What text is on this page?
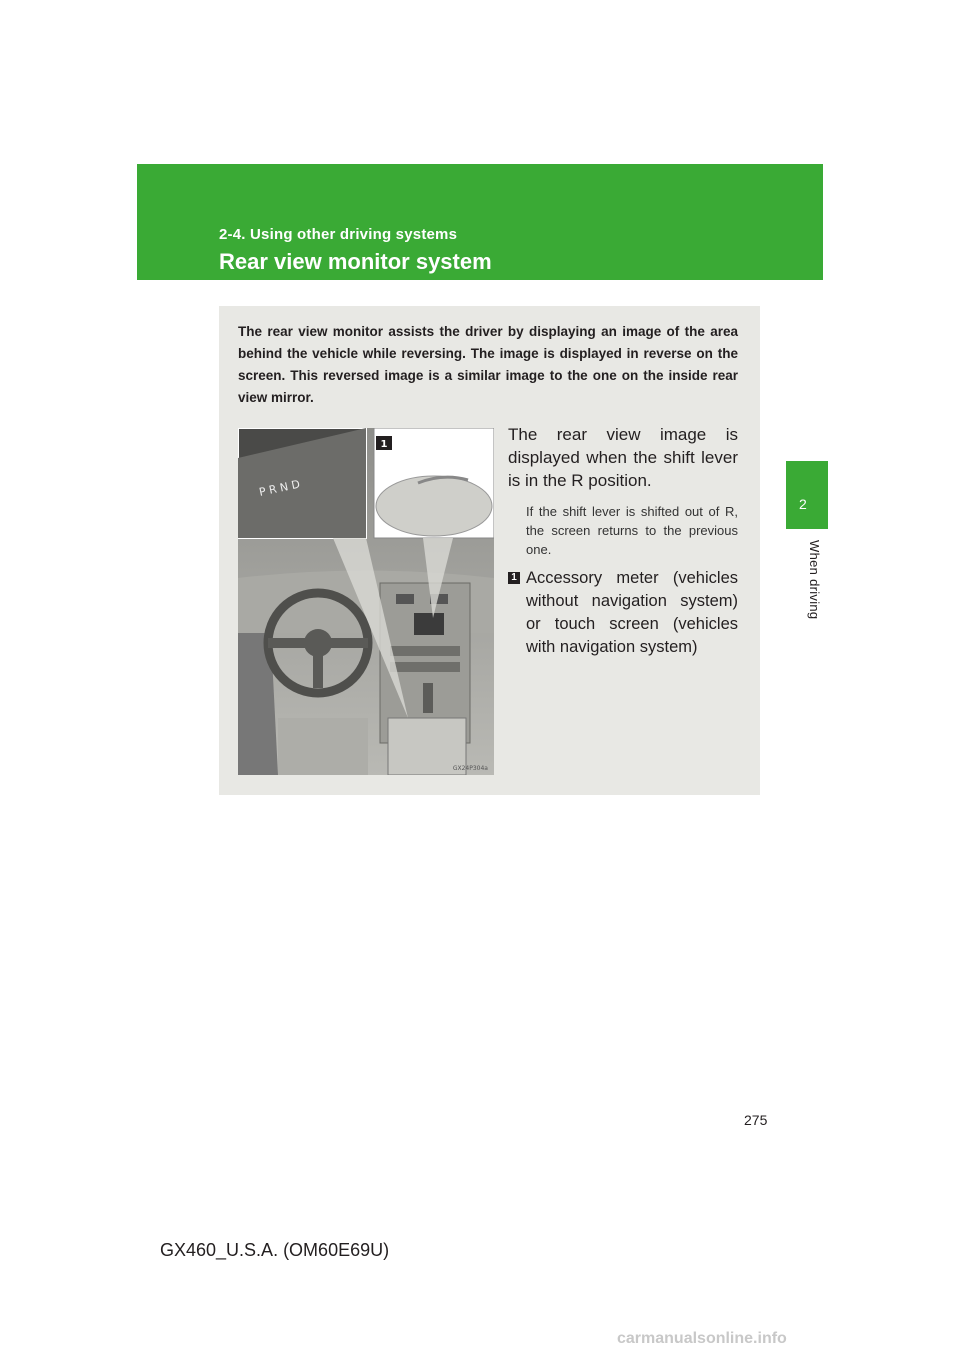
2-4. Using other driving systems
Rear view monitor system
2
When driving
The rear view monitor assists the driver by displaying an image of the area behind the vehicle while reversing. The image is displayed in reverse on the screen. This reversed image is a similar image to the one on the inside rear view mirror.
P R N D
1
GX24P304a
The rear view image is displayed when the shift lever is in the R position.
If the shift lever is shifted out of R, the screen returns to the previous one.
1 Accessory meter (vehicles without navigation system) or touch screen (vehicles with navigation system)
275
GX460_U.S.A. (OM60E69U)
carmanualsonline.info
